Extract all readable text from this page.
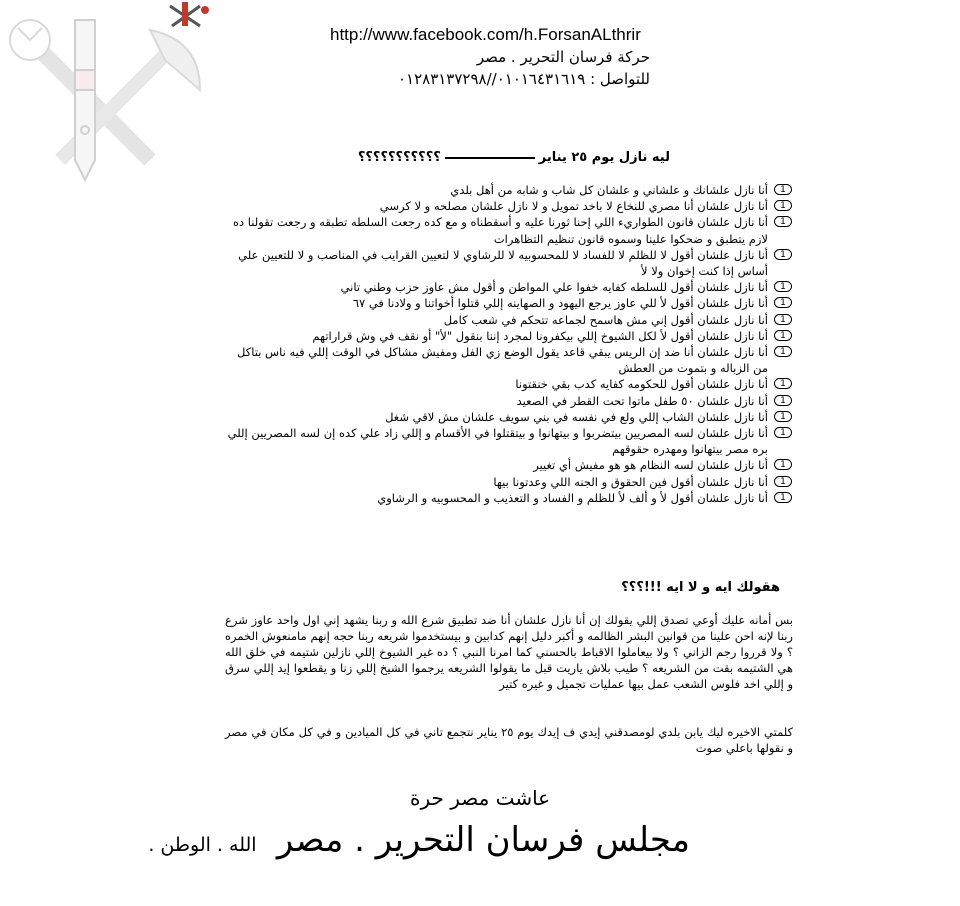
http://www.facebook.com/h.ForsanALthrir
حركة فرسان التحرير . مصر
للتواصل : ٠١٠١٦٤٣١٦١٩//٠١٢٨٣١٣٧٢٩٨
ليه نازل يوم ٢٥ يناير؟؟؟؟؟؟؟؟؟؟؟
1
أنا نازل علشانك و علشاني و علشان كل شاب و شابه من أهل بلدي
1
أنا نازل علشان أنا مصري للنخاع لا باخد تمويل و لا نازل علشان مصلحه و لا كرسي
1
أنا نازل علشان قانون الطواريء اللي إحنا ثورنا عليه و أسقطناه و مع كده رجعت السلطه تطبقه و رجعت تقولنا ده لازم يتطبق و ضحكوا علينا وسموه قانون تنظيم التظاهرات
1
أنا نازل علشان أقول لا للظلم لا للفساد لا للمحسوبيه لا للرشاوي لا لتعيين القرايب في المناصب و لا للتعيين علي أساس إذا كنت إخوان ولا لأ
1
أنا نازل علشان أقول للسلطه كفايه خفوا علي المواطن و أقول مش عاوز حزب وطني تاني
1
أنا نازل علشان أقول لأ للي عاوز يرجع اليهود و الصهاينه إللي قتلوا أخواتنا و ولادنا في ٦٧
1
أنا نازل علشان أقول إني مش هاسمح لجماعه تتحكم في شعب كامل
1
أنا نازل علشان أقول لأ لكل الشيوخ إللي بيكفرونا لمجرد إننا بنقول "لأ" أو نقف في وش قراراتهم
1
أنا نازل علشان أنا ضد إن الريس يبقي قاعد يقول الوضع زي الفل ومفيش مشاكل في الوقت إللي فيه ناس بتاكل من الزباله و بتموت من العطش
1
أنا نازل علشان أقول للحكومه كفايه كدب بقي خنقتونا
1
أنا نازل علشان ٥٠ طفل ماتوا تحت القطر في الصعيد
1
أنا نازل علشان الشاب إللي ولع في نفسه في بني سويف علشان مش لاقي شغل
1
أنا نازل علشان لسه المصريين بيتضربوا و بيتهانوا و بيتقتلوا في الأقسام و إللي زاد علي كده إن لسه المصريين إللي بره مصر بيتهانوا ومهدره حقوقهم
1
أنا نازل علشان لسه النظام هو هو مفيش أي تغيير
1
أنا نازل علشان أقول فين الحقوق و الجنه اللي وعدتونا بيها
1
أنا نازل علشان أقول لأ و ألف لأ للظلم و الفساد و التعذيب و المحسوبيه و الرشاوي
هقولك ايه و لا ايه !!!؟؟؟
بس أمانه عليك أوعي تصدق إللي يقولك إن أنا نازل علشان أنا ضد تطبيق شرع الله و ربنا يشهد إني اول واحد عاوز شرع ربنا لإنه احن علينا من قوانين البشر الظالمه و أكبر دليل إنهم كدابين و بيستخدموا شريعه ربنا حجه إنهم مامنعوش الخمره ؟ ولا قرروا رجم الزاني ؟ ولا بيعاملوا الاقباط بالحسني كما امرنا النبي ؟ ده غير الشيوخ إللي نازلين شتيمه في خلق الله هي الشتيمه بقت من الشريعه ؟ طيب بلاش ياريت قبل ما يقولوا الشريعه يرجموا الشيخ إللي زنا و يقطعوا إيد إللي سرق و إللي اخد فلوس الشعب عمل بيها عمليات تجميل و غيره كتير
كلمتي الاخيره ليك يابن بلدي لومصدقني إيدي ف إيدك يوم ٢٥ يناير نتجمع تاني في كل الميادين و في كل مكان في مصر و نقولها باعلي صوت
عاشت مصر حرة
مجلس فرسان التحرير . مصر    الله . الوطن .
